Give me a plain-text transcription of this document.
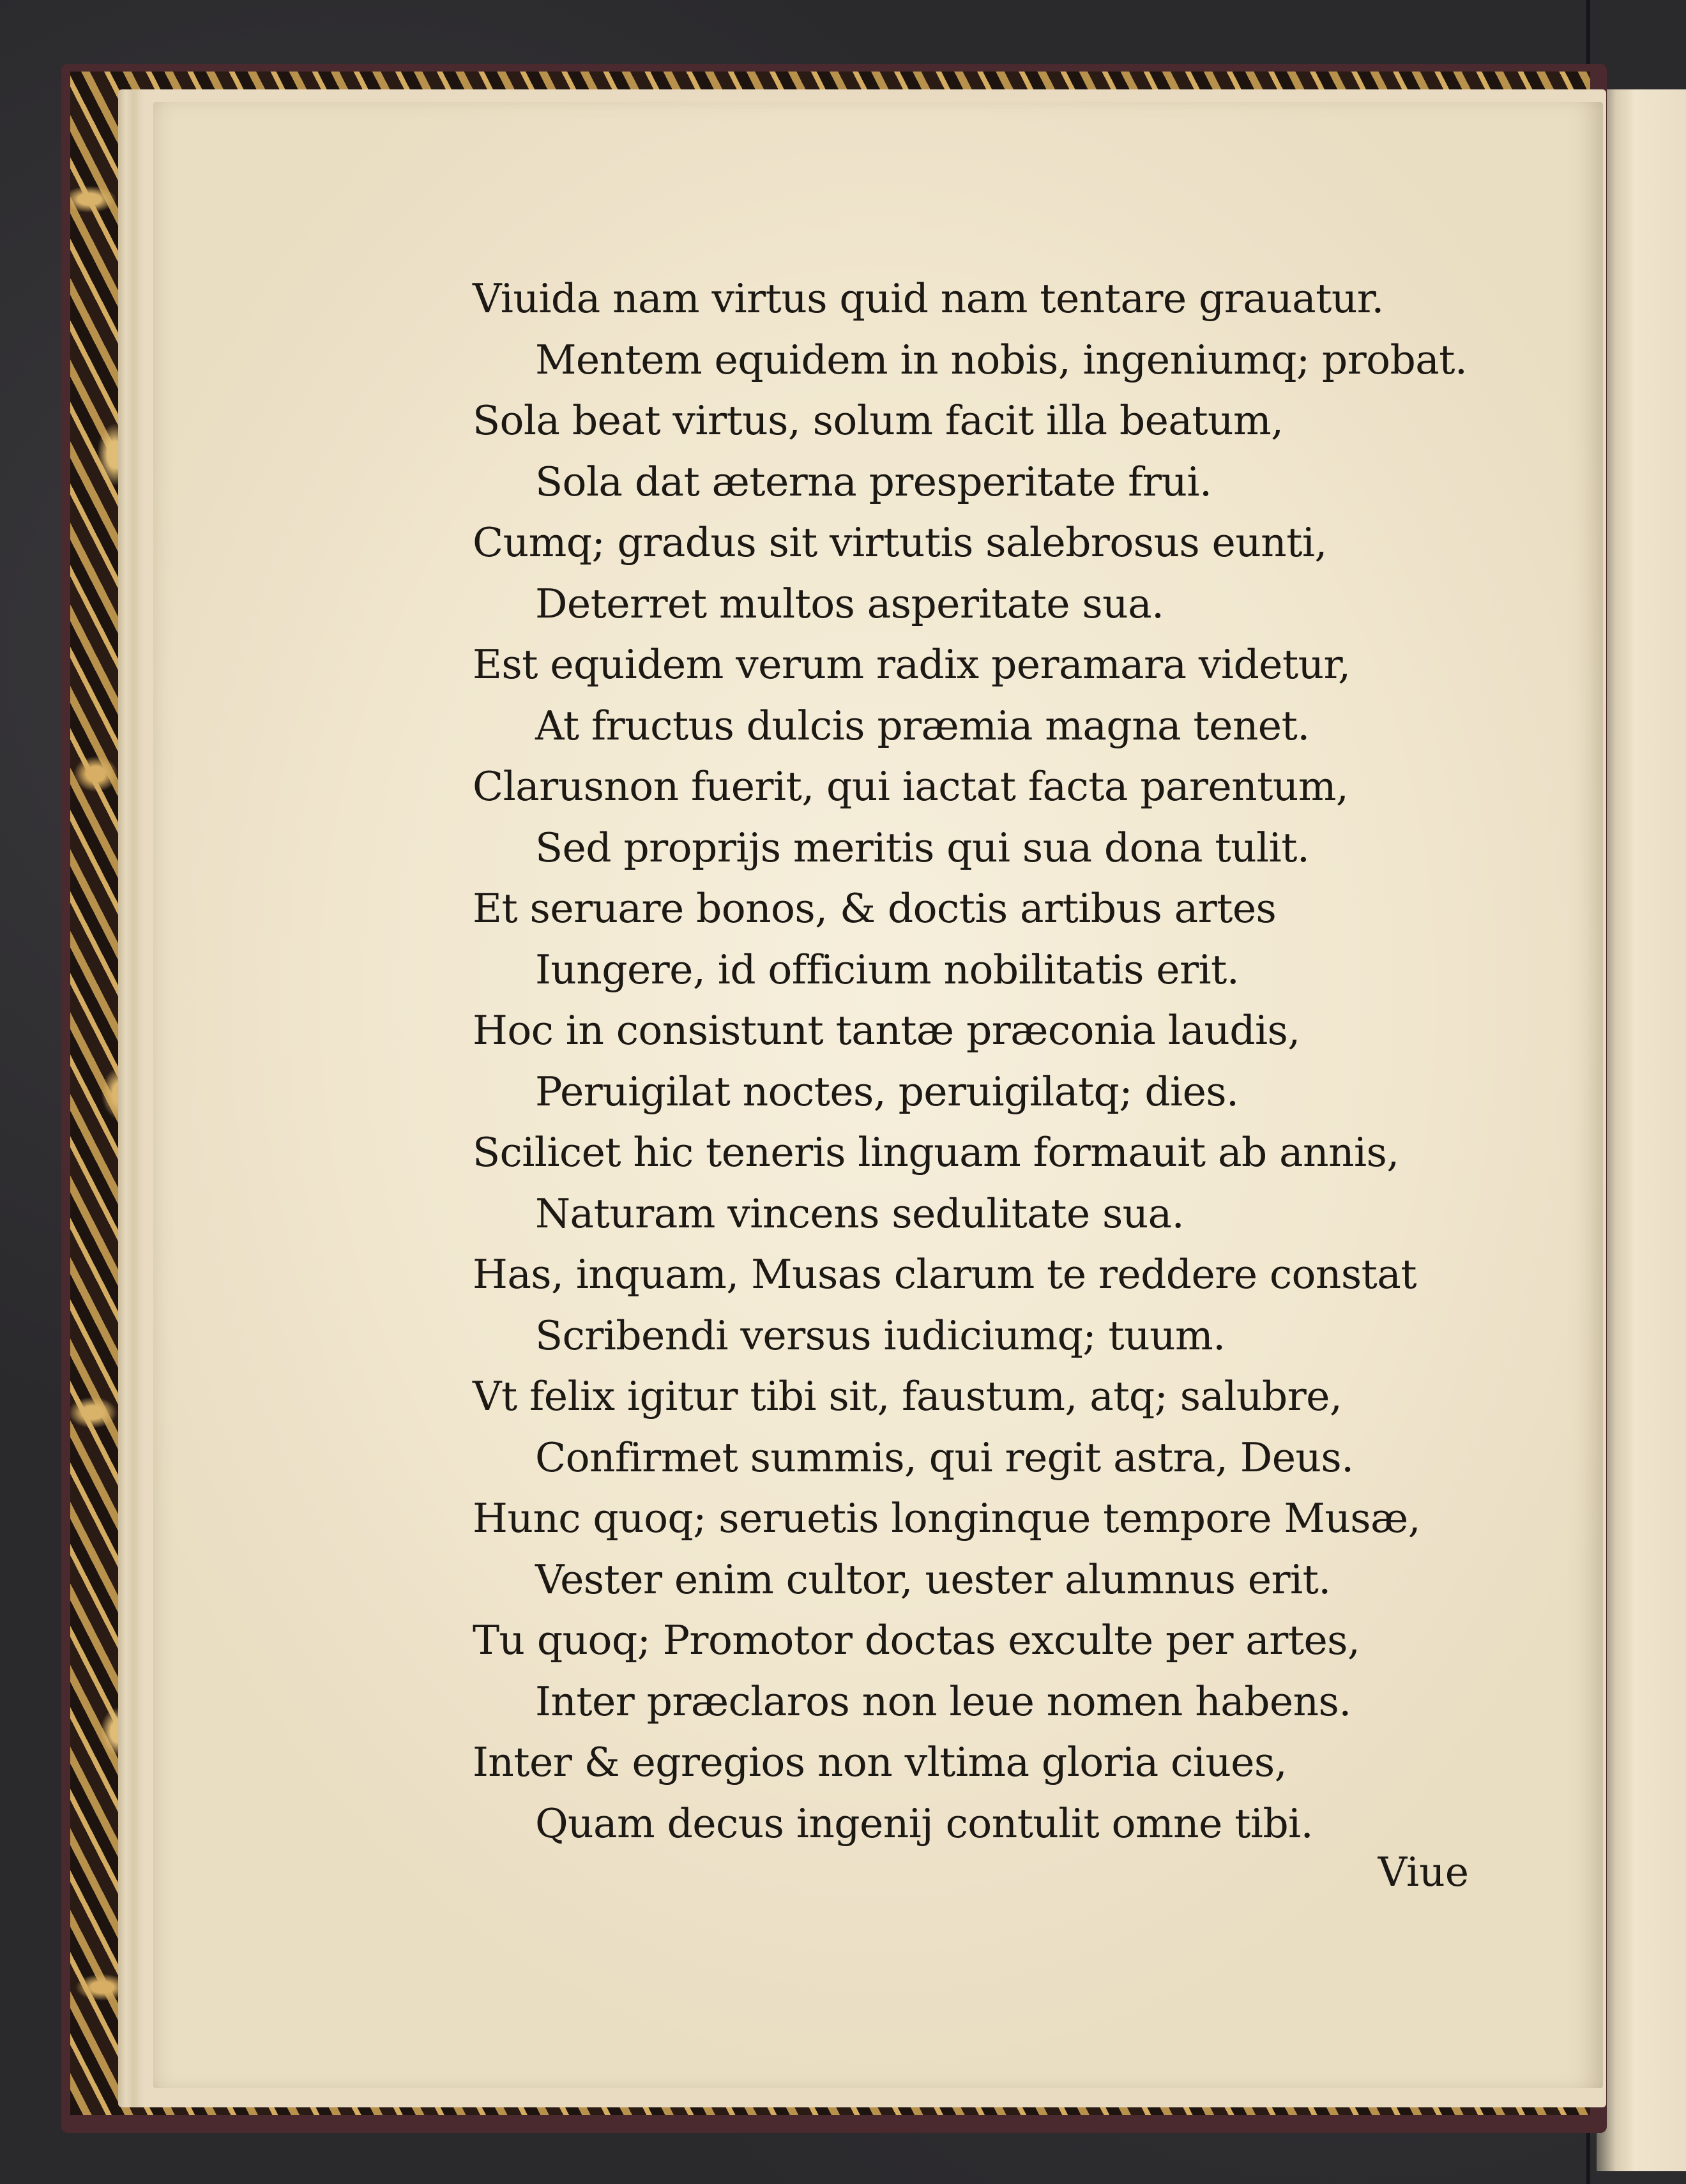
Viuida nam virtus quid nam tentare grauatur.
Mentem equidem in nobis, ingeniumq; probat.
Sola beat virtus, solum facit illa beatum,
Sola dat æterna presperitate frui.
Cumq; gradus sit virtutis salebrosus eunti,
Deterret multos asperitate sua.
Est equidem verum radix peramara videtur,
At fructus dulcis præmia magna tenet.
Clarusnon fuerit, qui iactat facta parentum,
Sed proprijs meritis qui sua dona tulit.
Et seruare bonos, & doctis artibus artes
Iungere, id officium nobilitatis erit.
Hoc in consistunt tantæ præconia laudis,
Peruigilat noctes, peruigilatq; dies.
Scilicet hic teneris linguam formauit ab annis,
Naturam vincens sedulitate sua.
Has, inquam, Musas clarum te reddere constat
Scribendi versus iudiciumq; tuum.
Vt felix igitur tibi sit, faustum, atq; salubre,
Confirmet summis, qui regit astra, Deus.
Hunc quoq; seruetis longinque tempore Musæ,
Vester enim cultor, uester alumnus erit.
Tu quoq; Promotor doctas exculte per artes,
Inter præclaros non leue nomen habens.
Inter & egregios non vltima gloria ciues,
Quam decus ingenij contulit omne tibi.
Viue
